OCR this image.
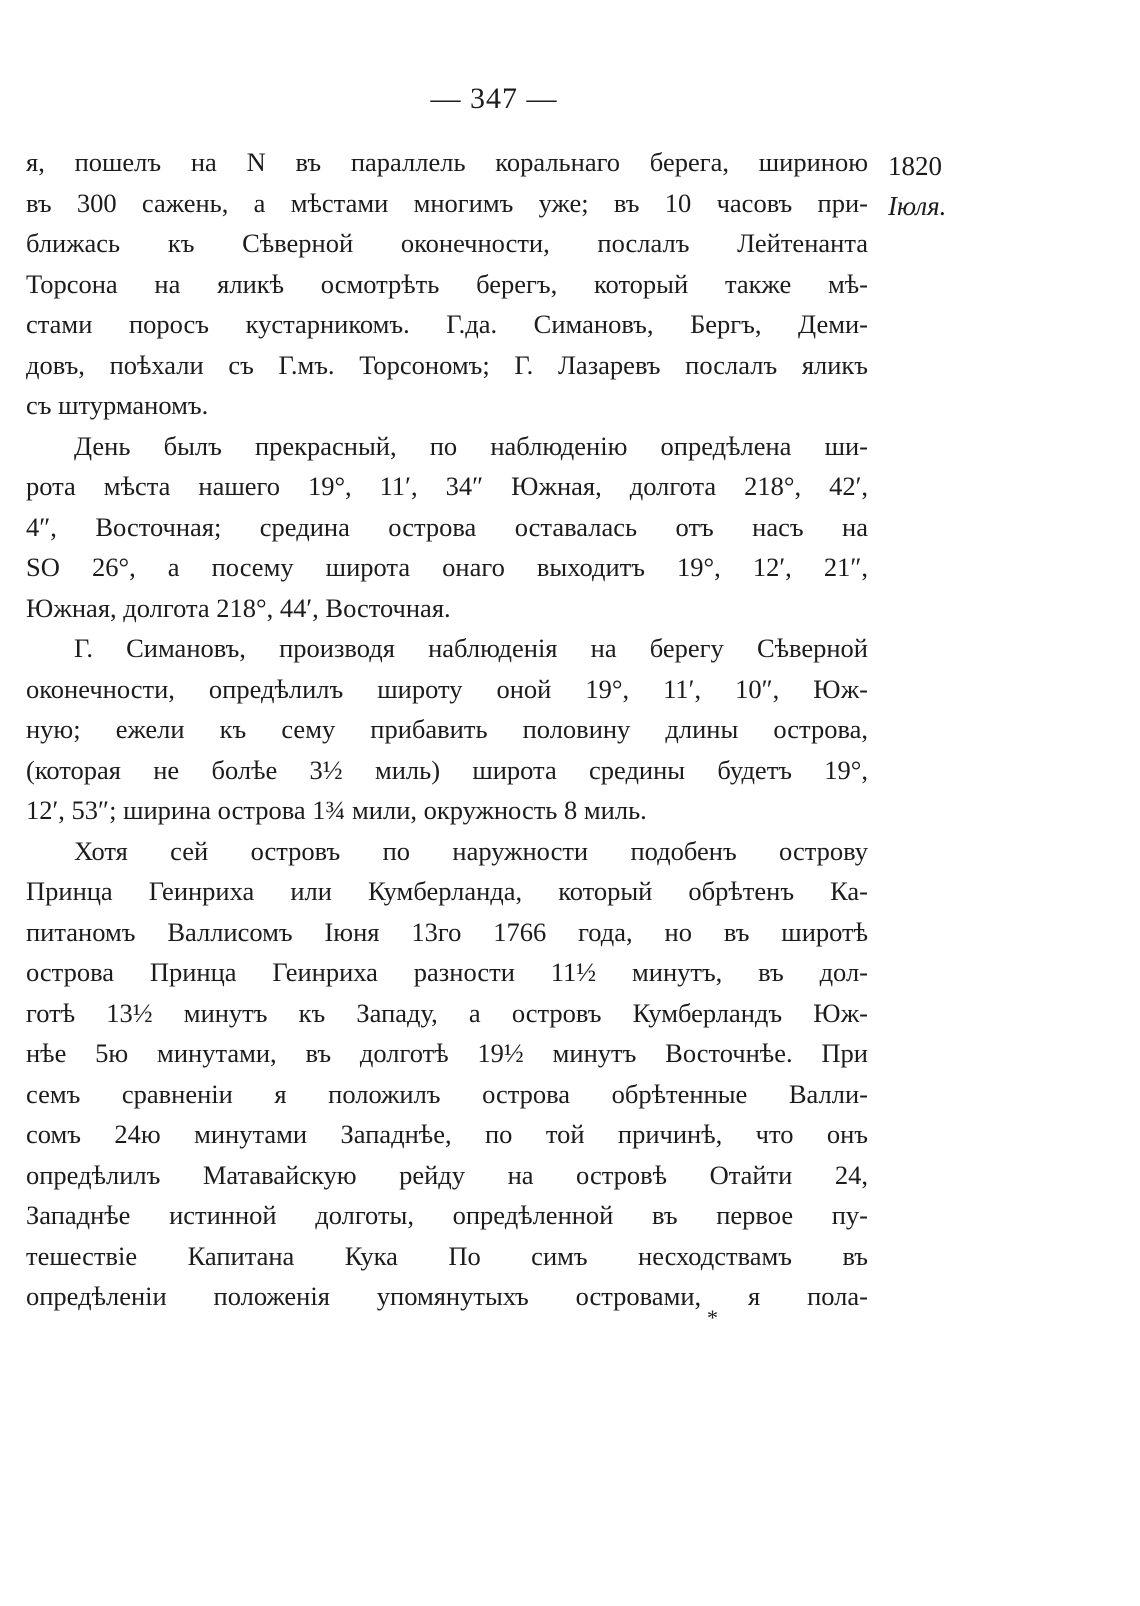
— 347 —
1820
Іюля.
я, пошелъ на N въ параллель коральнаго берега, шириною
въ 300 сажень, а мѣстами многимъ уже; въ 10 часовъ при-
ближась къ Сѣверной оконечности, послалъ Лейтенанта
Торсона на яликѣ осмотрѣть берегъ, который также мѣ-
стами поросъ кустарникомъ. Г.да. Симановъ, Бергъ, Деми-
довъ, поѣхали съ Г.мъ. Торсономъ; Г. Лазаревъ послалъ яликъ
съ штурманомъ.
День былъ прекрасный, по наблюденію опредѣлена ши-
рота мѣста нашего 19°, 11′, 34″ Южная, долгота 218°, 42′,
4″, Восточная; средина острова оставалась отъ насъ на
SO 26°, а посему широта онаго выходитъ 19°, 12′, 21″,
Южная, долгота 218°, 44′, Восточная.
Г. Симановъ, производя наблюденія на берегу Сѣверной
оконечности, опредѣлилъ широту оной 19°, 11′, 10″, Юж-
ную; ежели къ сему прибавить половину длины острова,
(которая не болѣе 3½ миль) широта средины будетъ 19°,
12′, 53″; ширина острова 1¾ мили, окружность 8 миль.
Хотя сей островъ по наружности подобенъ острову
Принца Геинриха или Кумберланда, который обрѣтенъ Ка-
питаномъ Валлисомъ Іюня 13го 1766 года, но въ широтѣ
острова Принца Геинриха разности 11½ минутъ, въ дол-
готѣ 13½ минутъ къ Западу, а островъ Кумберландъ Юж-
нѣе 5ю минутами, въ долготѣ 19½ минутъ Восточнѣе. При
семъ сравненіи я положилъ острова обрѣтенные Валли-
сомъ 24ю минутами Западнѣе, по той причинѣ, что онъ
опредѣлилъ Матавайскую рейду на островѣ Отайти 24,
Западнѣе истинной долготы, опредѣленной въ первое пу-
тешествіе Капитана Кука По симъ несходствамъ въ
опредѣленіи положенія упомянутыхъ островами, я пола-
*
